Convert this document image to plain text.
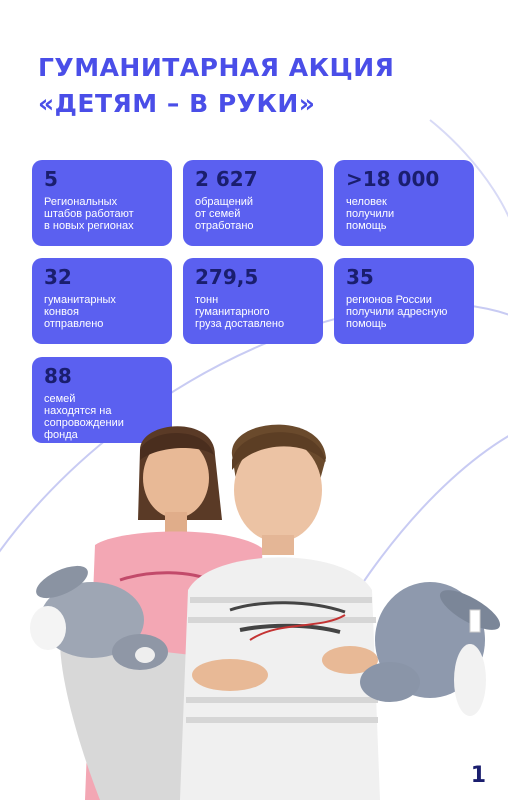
ГУМАНИТАРНАЯ АКЦИЯ
«ДЕТЯМ – В РУКИ»
5
Региональных
штабов работают
в новых регионах
2 627
обращений
от семей
отработано
>18 000
человек
получили
помощь
32
гуманитарных
конвоя
отправлено
279,5
тонн
гуманитарного
груза доставлено
35
регионов России
получили адресную
помощь
88
семей
находятся на
сопровождении
фонда
1
